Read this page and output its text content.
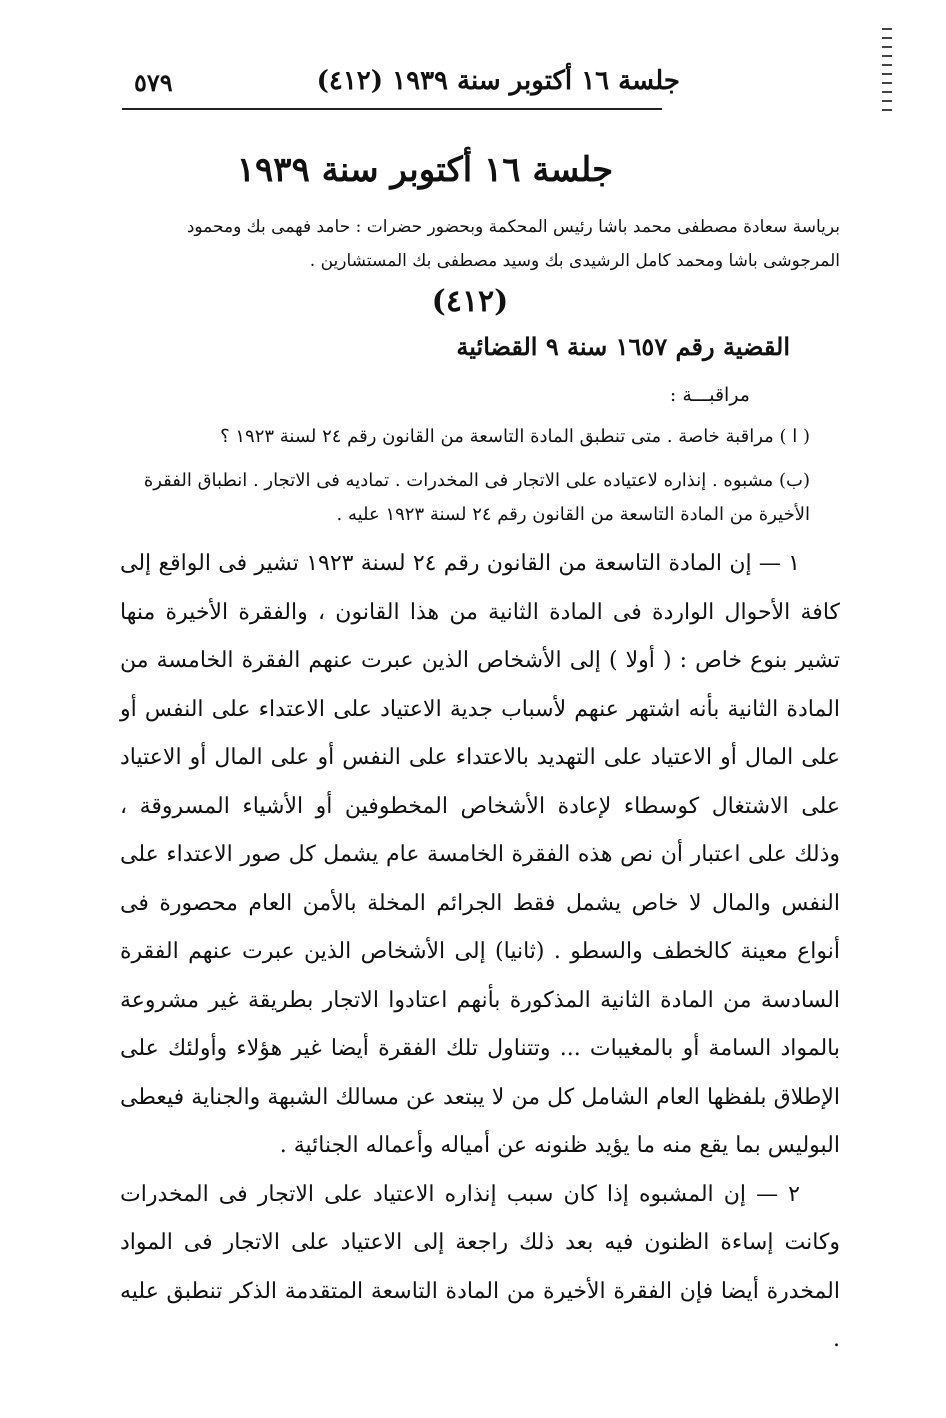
٥٧٩	جلسة ١٦ أكتوبر سنة ١٩٣٩ (٤١٢)
جلسة ١٦ أكتوبر سنة ١٩٣٩
برياسة سعادة مصطفى محمد باشا رئيس المحكمة وبحضور حضرات : حامد فهمى بك ومحمود المرجوشى باشا ومحمد كامل الرشيدى بك وسيد مصطفى بك المستشارين .
(٤١٢)
القضية رقم ١٦٥٧ سنة ٩ القضائية
مراقبـــة :
( ا ) مراقبة خاصة . متى تنطبق المادة التاسعة من القانون رقم ٢٤ لسنة ١٩٢٣ ؟
(ب) مشبوه . إنذاره لاعتياده على الاتجار فى المخدرات . تماديه فى الاتجار . انطباق الفقرة الأخيرة من المادة التاسعة من القانون رقم ٢٤ لسنة ١٩٢٣ عليه .

١ — إن المادة التاسعة من القانون رقم ٢٤ لسنة ١٩٢٣ تشير فى الواقع إلى كافة الأحوال الواردة فى المادة الثانية من هذا القانون ، والفقرة الأخيرة منها تشير بنوع خاص : ( أولا ) إلى الأشخاص الذين عبرت عنهم الفقرة الخامسة من المادة الثانية بأنه اشتهر عنهم لأسباب جدية الاعتياد على الاعتداء على النفس أو على المال أو الاعتياد على التهديد بالاعتداء على النفس أو على المال أو الاعتياد على الاشتغال كوسطاء لإعادة الأشخاص المخطوفين أو الأشياء المسروقة ، وذلك على اعتبار أن نص هذه الفقرة الخامسة عام يشمل كل صور الاعتداء على النفس والمال لا خاص يشمل فقط الجرائم المخلة بالأمن العام محصورة فى أنواع معينة كالخطف والسطو . (ثانيا) إلى الأشخاص الذين عبرت عنهم الفقرة السادسة من المادة الثانية المذكورة بأنهم اعتادوا الاتجار بطريقة غير مشروعة بالمواد السامة أو بالمغيبات ... وتتناول تلك الفقرة أيضا غير هؤلاء وأولئك على الإطلاق بلفظها العام الشامل كل من لا يبتعد عن مسالك الشبهة والجناية فيعطى البوليس بما يقع منه ما يؤيد ظنونه عن أمياله وأعماله الجنائية .

٢ — إن المشبوه إذا كان سبب إنذاره الاعتياد على الاتجار فى المخدرات وكانت إساءة الظنون فيه بعد ذلك راجعة إلى الاعتياد على الاتجار فى المواد المخدرة أيضا فإن الفقرة الأخيرة من المادة التاسعة المتقدمة الذكر تنطبق عليه .
